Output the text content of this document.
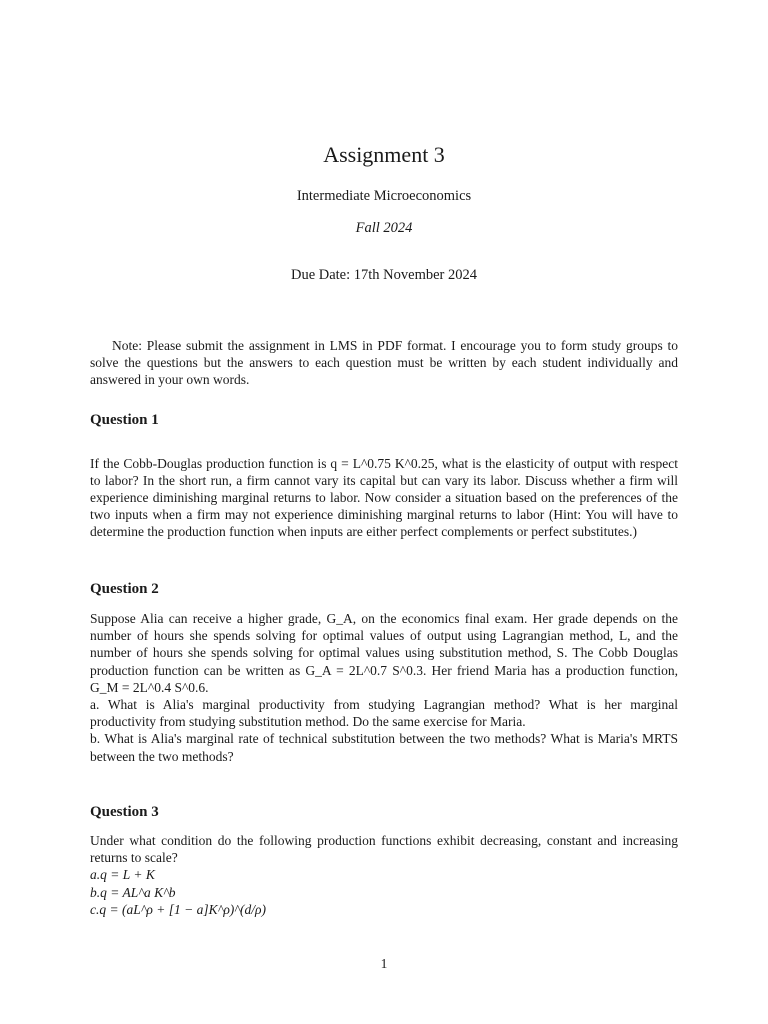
Assignment 3
Intermediate Microeconomics
Fall 2024
Due Date: 17th November 2024

Note: Please submit the assignment in LMS in PDF format. I encourage you to form study groups to solve the questions but the answers to each question must be written by each student individually and answered in your own words.

Question 1

If the Cobb-Douglas production function is q = L^0.75 K^0.25, what is the elasticity of output with respect to labor? In the short run, a firm cannot vary its capital but can vary its labor. Discuss whether a firm will experience diminishing marginal returns to labor. Now consider a situation based on the preferences of the two inputs when a firm may not experience diminishing marginal returns to labor (Hint: You will have to determine the production function when inputs are either perfect complements or perfect substitutes.)

Question 2
Suppose Alia can receive a higher grade, G_A, on the economics final exam. Her grade depends on the number of hours she spends solving for optimal values of output using Lagrangian method, L, and the number of hours she spends solving for optimal values using substitution method, S. The Cobb Douglas production function can be written as G_A = 2L^0.7 S^0.3. Her friend Maria has a production function, G_M = 2L^0.4 S^0.6.
a. What is Alia's marginal productivity from studying Lagrangian method? What is her marginal productivity from studying substitution method. Do the same exercise for Maria.
b. What is Alia's marginal rate of technical substitution between the two methods? What is Maria's MRTS between the two methods?
Question 3
Under what condition do the following production functions exhibit decreasing, constant and increasing returns to scale?
a.q = L + K
b.q = AL^a K^b
c.q = (aL^ρ + [1 − a]K^ρ)^(d/ρ)
1
